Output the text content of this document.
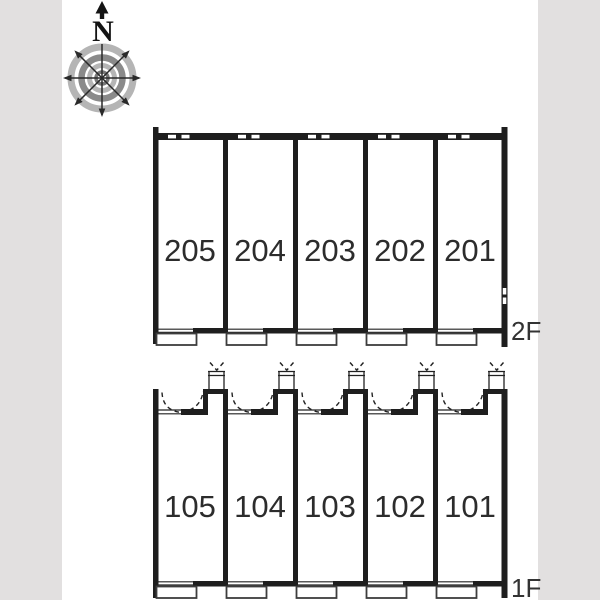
N
205 204 203 202 201
2F
105 104 103 102 101
1F
